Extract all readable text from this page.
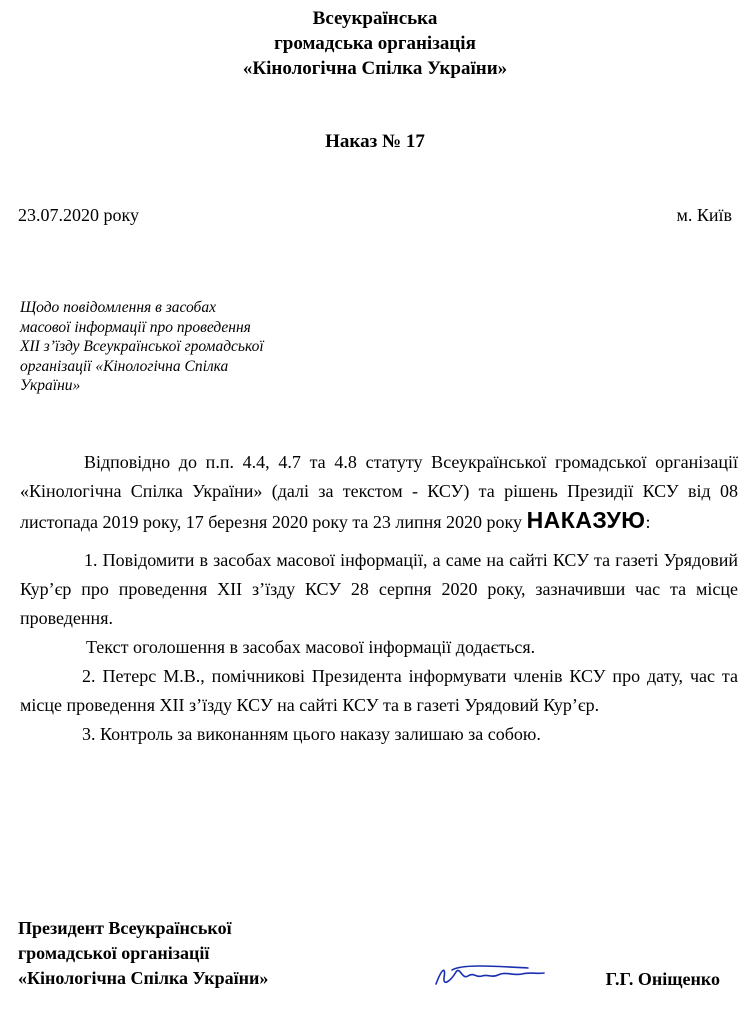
Всеукраїнська
громадська організація
«Кінологічна Спілка України»
Наказ № 17
23.07.2020 року	м. Київ
Щодо повідомлення в засобах
масової інформації про проведення
XII з’їзду Всеукраїнської громадської
організації «Кінологічна Спілка
України»

Відповідно до п.п. 4.4, 4.7 та 4.8 статуту Всеукраїнської громадської організації «Кінологічна Спілка України» (далі за текстом - КСУ) та рішень Президії КСУ від 08 листопада 2019 року, 17 березня 2020 року та 23 липня 2020 року НАКАЗУЮ:

1. Повідомити в засобах масової інформації, а саме на сайті КСУ та газеті Урядовий Кур’єр про проведення XII з’їзду КСУ 28 серпня 2020 року, зазначивши час та місце проведення.

Текст оголошення в засобах масової інформації додається.

2. Петерс М.В., помічникові Президента інформувати членів КСУ про дату, час та місце проведення XII з’їзду КСУ на сайті КСУ та в газеті Урядовий Кур’єр.

3. Контроль за виконанням цього наказу залишаю за собою.

Президент Всеукраїнської
громадської організації
«Кінологічна Спілка України»	Г.Г. Оніщенко
